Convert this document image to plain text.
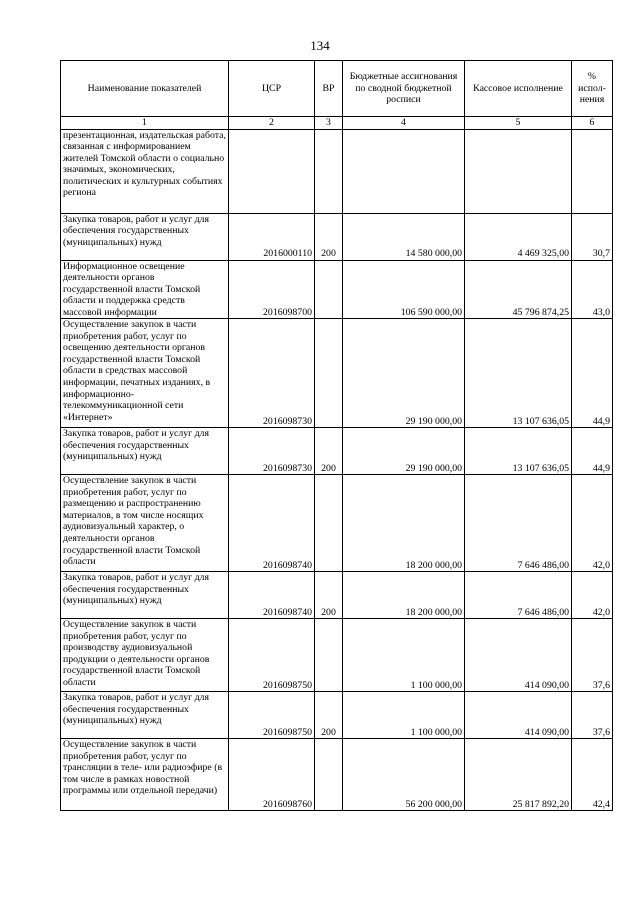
134
Наименование показателей	ЦСР	ВР	Бюджетные ассигнования по сводной бюджетной росписи	Кассовое исполнение	% испол-нения
1	2	3	4	5	6
презентационная, издательская работа, связанная с информированием жителей Томской области о социально значимых, экономических, политических и культурных событиях региона					
Закупка товаров, работ и услуг для обеспечения государственных (муниципальных) нужд	2016000110	200	14 580 000,00	4 469 325,00	30,7
Информационное освещение деятельности органов государственной власти Томской области и поддержка средств массовой информации	2016098700		106 590 000,00	45 796 874,25	43,0
Осуществление закупок в части приобретения работ, услуг по освещению деятельности органов государственной власти Томской области в средствах массовой информации, печатных изданиях, в информационно-телекоммуникационной сети «Интернет»	2016098730		29 190 000,00	13 107 636,05	44,9
Закупка товаров, работ и услуг для обеспечения государственных (муниципальных) нужд	2016098730	200	29 190 000,00	13 107 636,05	44,9
Осуществление закупок в части приобретения работ, услуг по размещению и распространению материалов, в том числе носящих аудиовизуальный характер, о деятельности органов государственной власти Томской области	2016098740		18 200 000,00	7 646 486,00	42,0
Закупка товаров, работ и услуг для обеспечения государственных (муниципальных) нужд	2016098740	200	18 200 000,00	7 646 486,00	42,0
Осуществление закупок в части приобретения работ, услуг по производству аудиовизуальной продукции о деятельности органов государственной власти Томской области	2016098750		1 100 000,00	414 090,00	37,6
Закупка товаров, работ и услуг для обеспечения государственных (муниципальных) нужд	2016098750	200	1 100 000,00	414 090,00	37,6
Осуществление закупок в части приобретения работ, услуг по трансляции в теле- или радиоэфире (в том числе в рамках новостной программы или отдельной передачи)	2016098760		56 200 000,00	25 817 892,20	42,4
